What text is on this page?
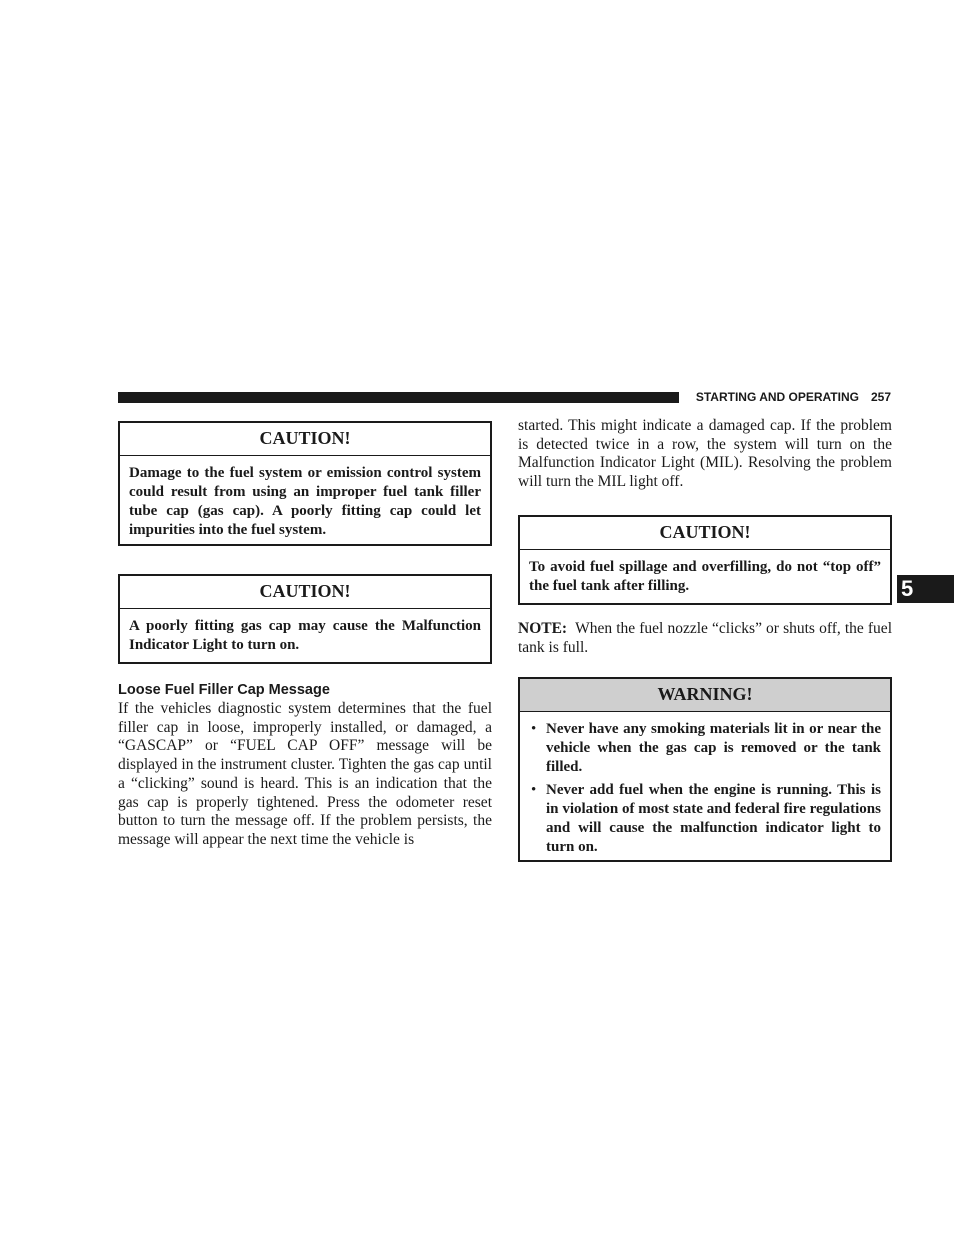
STARTING AND OPERATING 257
5
CAUTION!
Damage to the fuel system or emission control system could result from using an improper fuel tank filler tube cap (gas cap). A poorly fitting cap could let impurities into the fuel system.
CAUTION!
A poorly fitting gas cap may cause the Malfunction Indicator Light to turn on.
Loose Fuel Filler Cap Message
If the vehicles diagnostic system determines that the fuel filler cap in loose, improperly installed, or damaged, a “GASCAP” or “FUEL CAP OFF” message will be displayed in the instrument cluster. Tighten the gas cap until a “clicking” sound is heard. This is an indication that the gas cap is properly tightened. Press the odometer reset button to turn the message off. If the problem persists, the message will appear the next time the vehicle is
started. This might indicate a damaged cap. If the problem is detected twice in a row, the system will turn on the Malfunction Indicator Light (MIL). Resolving the problem will turn the MIL light off.
CAUTION!
To avoid fuel spillage and overfilling, do not “top off” the fuel tank after filling.
NOTE: When the fuel nozzle “clicks” or shuts off, the fuel tank is full.
WARNING!
• Never have any smoking materials lit in or near the vehicle when the gas cap is removed or the tank filled.
• Never add fuel when the engine is running. This is in violation of most state and federal fire regulations and will cause the malfunction indicator light to turn on.
